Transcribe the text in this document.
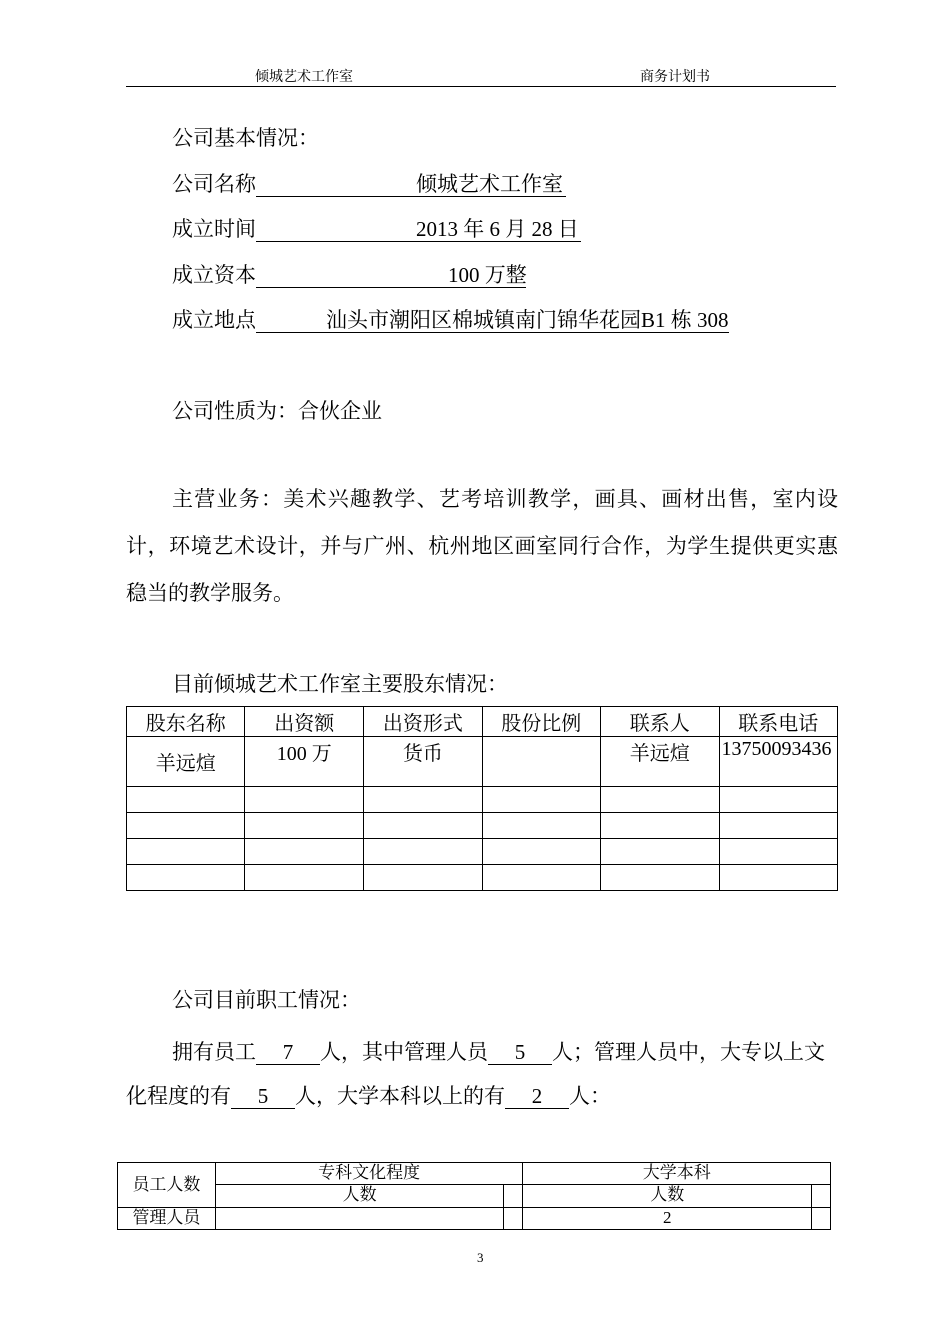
倾城艺术工作室	商务计划书
公司基本情况：
公司名称	倾城艺术工作室
成立时间	2013 年 6 月 28 日
成立资本	100 万整
成立地点	汕头市潮阳区棉城镇南门锦华花园B1 栋 308
公司性质为：合伙企业
主营业务：美术兴趣教学、艺考培训教学，画具、画材出售，室内设计，环境艺术设计，并与广州、杭州地区画室同行合作，为学生提供更实惠稳当的教学服务。
目前倾城艺术工作室主要股东情况：
股东名称	出资额	出资形式	股份比例	联系人	联系电话
羊远煊	100 万	货币		羊远煊	13750093436

公司目前职工情况：
拥有员工 7 人，其中管理人员 5 人；管理人员中，大专以上文
化程度的有 5 人，大学本科以上的有 2 人：
员工人数	专科文化程度		大学本科	
	人数		人数	
管理人员			2	
3
